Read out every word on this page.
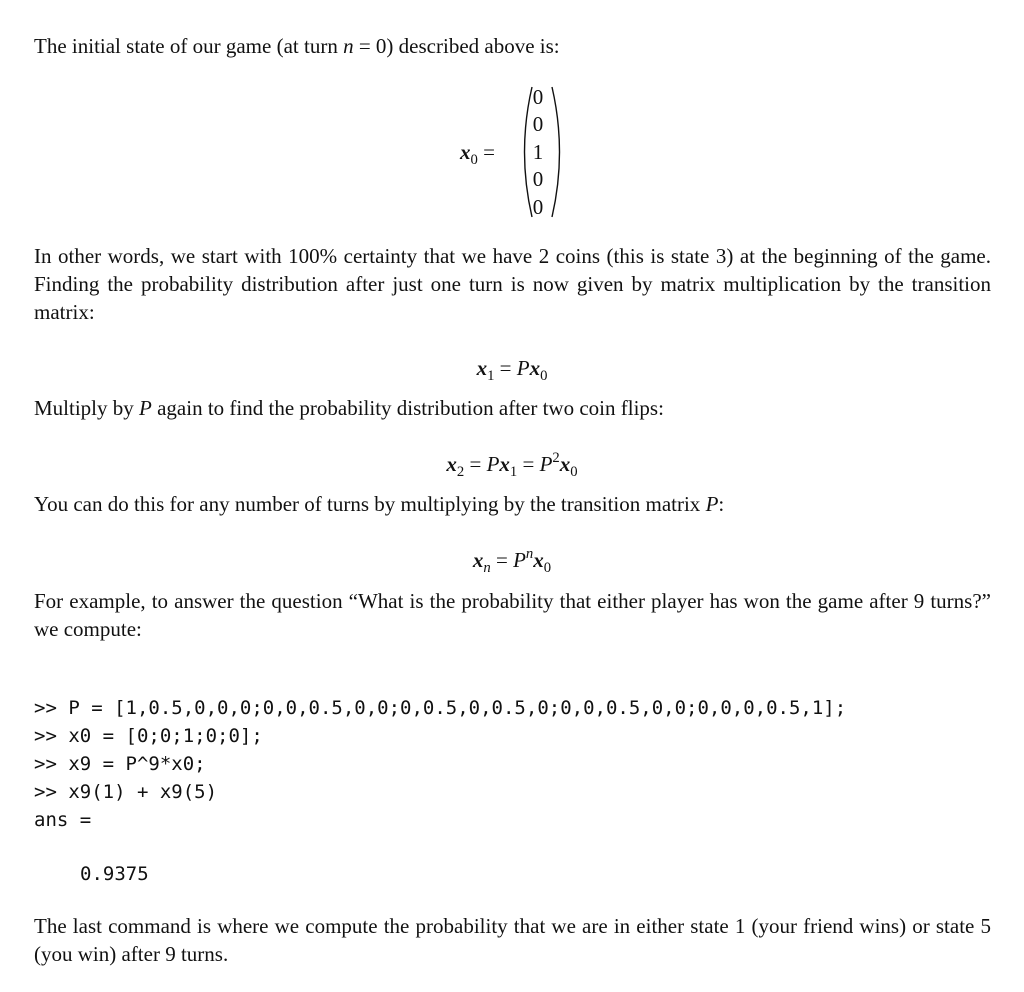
The initial state of our game (at turn n = 0) described above is:
$x_0$ =
0
0
1
0
0
In other words, we start with 100% certainty that we have 2 coins (this is state 3) at the beginning of the game. Finding the probability distribution after just one turn is now given by matrix multiplication by the transition matrix:
$x_1 = Px_0$
Multiply by P again to find the probability distribution after two coin flips:
$x_2 = Px_1 = P^2x_0$
You can do this for any number of turns by multiplying by the transition matrix P:
$x_n = P^nx_0$
For example, to answer the question “What is the probability that either player has won the game after 9 turns?” we compute:

>> P = [1,0.5,0,0,0;0,0,0.5,0,0;0,0.5,0,0.5,0;0,0,0.5,0,0;0,0,0,0.5,1];
>> x0 = [0;0;1;0;0];
>> x9 = P^9*x0;
>> x9(1) + x9(5)
ans =
0.9375
The last command is where we compute the probability that we are in either state 1 (your friend wins) or state 5 (you win) after 9 turns.
